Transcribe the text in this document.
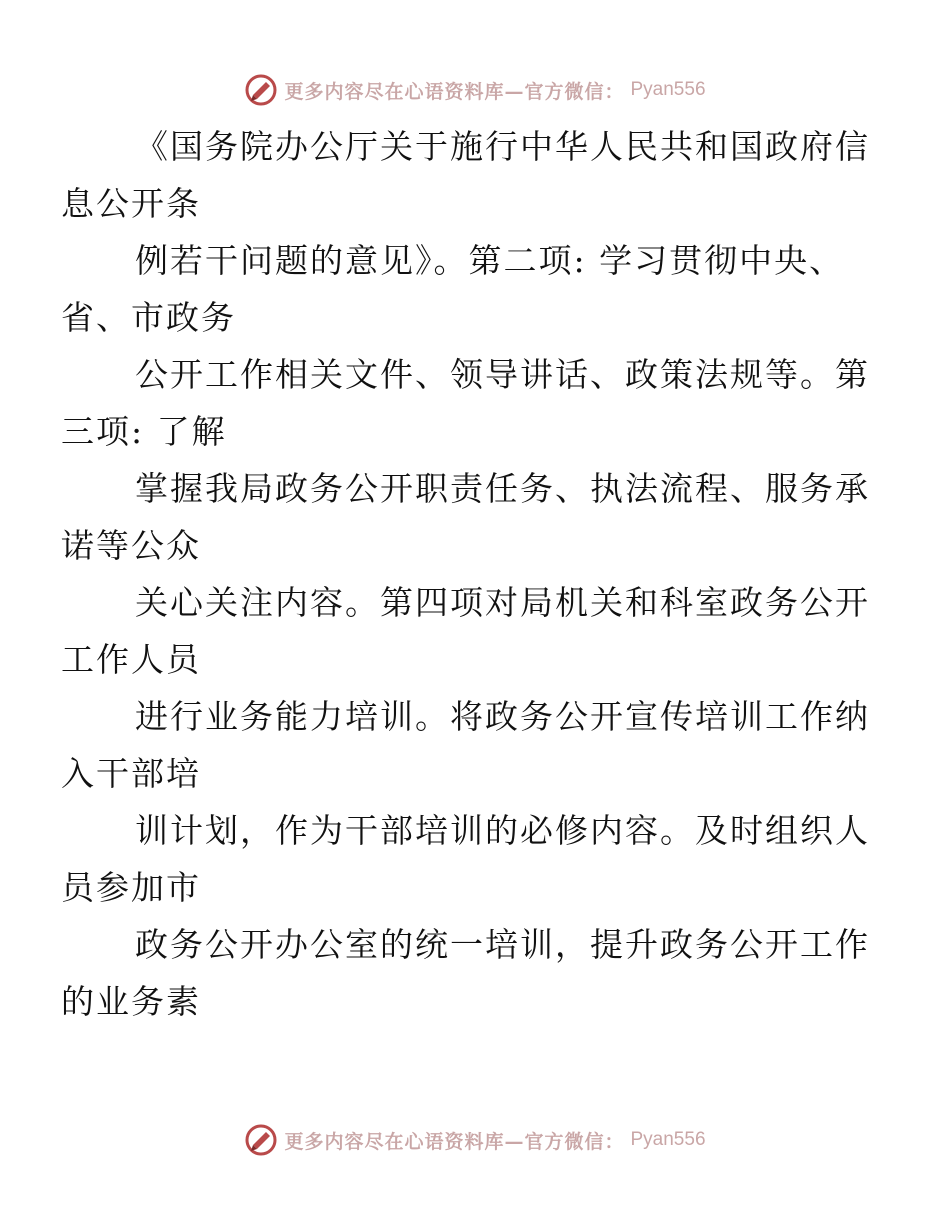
更多内容尽在心语资料库—官方微信： Pyan556

《国务院办公厅关于施行中华人民共和国政府信
息公开条

例若干问题的意见》。第二项: 学习贯彻中央、
省、市政务

公开工作相关文件、领导讲话、政策法规等。第
三项: 了解

掌握我局政务公开职责任务、执法流程、服务承
诺等公众

关心关注内容。第四项对局机关和科室政务公开
工作人员

进行业务能力培训。将政务公开宣传培训工作纳
入干部培

训计划，作为干部培训的必修内容。及时组织人
员参加市

政务公开办公室的统一培训，提升政务公开工作
的业务素

更多内容尽在心语资料库—官方微信： Pyan556
